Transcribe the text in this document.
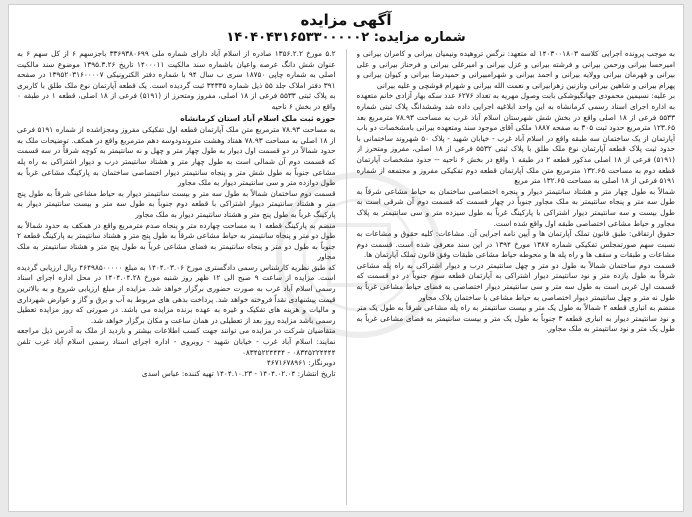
آگهی مزایده
شماره مزایده: ۱۴۰۴۰۴۳۱۶۵۳۳۰۰۰۰۰۲

به موجب پرونده اجرایی کلاسه ۱۴۰۳۰۰۱۸۰۳ له متعهد: نرگس تروهیده ونیمیان بیرانی و کامران بیرانی و امیرحسا بیرانی ورحمن بیرانی و فرشته بیرانی و غزل بیرانی و امیرعلی بیرانی و فرحناز بیرانی و علی بیرانی و قهرمان بیرانی وولایه بیرانی و احمد بیرانی و شهرامبیرانی و حمیدرضا بیرانی و کیوان بیرانی و پهرام بیرانی و شاهین بیرانی ونازنین زهرابیرانی و نعمت الله بیرانی و شهرام قوشچی و علیه بیرانی

بر علیه: نسیمین محمودی جهانگیوشکی بابت وصول مهریه به تعداد ۶۲۷۶ عدد سکه بهار آزادی خانم متعهده به اداره اجرای اسناد رسمی کرمانشاه به این واحد ابلاغیه اجرایی داده شد وششدانگ پلاک ثبتی شماره ۵۵۳۳ فرعی از ۱۸ اصلی واقع در بخش شش شهرستان اسلام آباد غرب به مساحت ۷۸.۹۳ مترمربع بعد ۱۲۳.۶۵ مترمربع حدود ثبت ۳۰۵ به صفحه ۱۸۸۷ ملکی آقای موجود سند ومتعهده بیرانی بامشخصات دو باب آپارتمان از یک ساختمان سه طبقه واقع در اسلام آباد غرب - خیابان شهید - پلاک ۵۰ شهروند ساختمانی با حدود ثبت پلاک قطعه آپارتمان نوع ملک طلق با پلاک ثبتی ۵۵۳۲ فرعی از ۱۸ اصلی، مفروز ومتحرز از (۵۱۹۱) فرعی از ۱۸ اصلی مذکور قطعه ۲ در طبقه ۱ واقع در بخش ۶ ناحیه -- حدود مشخصات آپارتمان قطعه دوم به مساحت ۱۳۲.۶۵ مترمربع متن ملک آپارتمان قطعه دوم تفکیکی مفروز و مجتمعه از شماره ۵۱۹۱ فرعی از ۱۸ اصلی به مساحت ۱۳۲.۶۵ متر مربع

شمالاً به طول چهار متر و هشتاد سانتیمتر دیوار و پنجره اختصاصی ساختمان به حیاط مشاعی شرقاً به طول سه متر و پنجاه سانتیمتر به ملک مجاور جنوباً در چهار قسمت که قسمت دوم آن شرقی است به طول بیست و سه سانتیمتر دیوار اشتراکی با پارکینگ غرباً به طول سیزده متر و سی سانتیمتر به پلاک مجاور و حیاط مشاعی اختصاصی طبقه اول واقع شده است.

حقوق ارتفاقی: طبق قانون تملک آپارتمان ها و آیین نامه اجرایی آن. مشاعات: کلیه حقوق و مشاعات به نسبت سهم صورتمجلس تفکیکی شماره ۱۳۸۷ مورخ ۱۳۹۴ در این سند معرفی شده است. قسمت دوم مشاعات و طبقات و سقف ها و راه پله ها و محوطه حیاط مشاعی طبقات وفق قانون تملک آپارتمان ها.

قسمت دوم ساختمان شمالاً به طول دو متر و چهل سانتیمتر درب و دیوار اشتراکی به راه پله مشاعی شرقاً به طول یازده متر و نود سانتیمتر دیوار اشتراکی به آپارتمان قطعه سوم جنوباً در دو قسمت که قسمت اول غربی است به طول سه متر و سی سانتیمتر دیوار اختصاصی به فضای حیاط مشاعی غرباً به طول نه متر و چهل سانتیمتر دیوار اختصاصی به حیاط مشاعی با ساختمان پلاک مجاور

منضم به انباری قطعه ۲ شمالاً به طول یک متر و بیست سانتیمتر به راه پله مشاعی شرقاً به طول یک متر و نود سانتیمتر دیوار به انباری قطعه ۳ جنوباً به طول یک متر و بیست سانتیمتر به فضای مشاعی غرباً به طول یک متر و نود سانتیمتر به ملک مجاور.

۵.۲ مورخ ۱۳۵۶.۲.۲ صادره از اسلام آباد دارای شماره ملی ۳۳۶۹۳۸۰۶۹۹ باجزسهم ۶ از کل سهم ۶ به عنوان شش دانگ عرصه واعیان باشماره سند مالکیت ۱۴۰۰۰۱۱ تاریخ ۱۳۹۵.۳.۲۶ موضوع سند مالکیت اصلی به شماره چاپی ۱۸۷۵۰ سری ب سال ۹۴ با شماره دفتر الکترونیکی ۱۳۹۵۲۰۳۱۶۰۰۰۰۷ در صفحه ۳۹۱ دفتر املاک جلد ۵۵ ذیل شماره ۳۴۳۳۵ ثبت گردیده است. یک قطعه آپارتمان نوع ملک طلق با کاربری به پلاک ثبتی ۵۵۳۳ فرعی از ۱۸ اصلی، مفروز ومتحرز از (۵۱۹۱) فرعی از ۱۸ اصلی، قطعه ۱ در طبقه ۰ واقع در بخش ۶ ناحیه

حوزه ثبت ملک اسلام آباد استان کرمانشاه

به مساحت ۷۸.۹۳ مترمربع متن ملک آپارتمان قطعه اول تفکیکی مفروز ومجزاشده از شماره ۵۱۹۱ فرعی از ۱۸ اصلی به مساحت ۷۸.۹۳ هفتاد وهشت متروندودوسه دهم مترمربع واقع در همکف. توضیحات ملک به حدود شمالاً در دو قسمت اول دیوار به طول چهار متر و چهل و نه سانتیمتر به کوچه شرقاً در سه قسمت که قسمت دوم آن شمالی است به طول چهار متر و هشتاد سانتیمتر درب و دیوار اشتراکی به راه پله مشاعی جنوباً به طول شش متر و پنجاه سانتیمتر دیوار اختصاصی ساختمان به پارکینگ مشاعی غرباً به طول دوازده متر و سی سانتیمتر دیوار به ملک مجاور

قسمت دوم ساختمان شمالاً به طول سه متر و بیست سانتیمتر دیوار به حیاط مشاعی شرقاً به طول پنج متر و هشتاد سانتیمتر دیوار اشتراکی با قطعه دوم جنوباً به طول سه متر و بیست سانتیمتر دیوار به پارکینگ غرباً به طول پنج متر و هشتاد سانتیمتر دیوار به ملک مجاور

منضم به پارکینگ قطعه ۱ به مساحت چهارده متر و پنجاه صدم مترمربع واقع در همکف به حدود شمالاً به طول دو متر و پنجاه سانتیمتر به حیاط مشاعی شرقاً به طول پنج متر و هشتاد سانتیمتر به پارکینگ قطعه ۲ جنوباً به طول دو متر و پنجاه سانتیمتر به فضای مشاعی غرباً به طول پنج متر و هشتاد سانتیمتر به ملک مجاور

که طبق نظریه کارشناس رسمی دادگستری مورخ ۱۴۰۴.۰۳.۰۶ به مبلغ ۴۶۴۹۸۵۰۰۰۰۰ ریال ارزیابی گردیده است. مزایده از ساعت ۹ صبح الی ۱۲ ظهر روز شنبه مورخ ۱۴۰۴.۰۴.۲۸ در محل اداره اجرای اسناد رسمی اسلام آباد غرب به صورت حضوری برگزار خواهد شد. مزایده از مبلغ ارزیابی شروع و به بالاترین قیمت پیشنهادی نقداً فروخته خواهد شد. پرداخت بدهی های مربوط به آب و برق و گاز و عوارض شهرداری و مالیات و هزینه های تفکیک و غیره به عهده برنده مزایده می باشد. در صورتی که روز مزایده تعطیل رسمی باشد مزایده روز بعد از تعطیلی در همان ساعت و مکان برگزار خواهد شد.

متقاضیان شرکت در مزایده می توانند جهت کسب اطلاعات بیشتر و بازدید از ملک به آدرس ذیل مراجعه نمایند: اسلام آباد غرب - خیابان شهید - روبروی - اداره اجرای اسناد رسمی اسلام آباد غرب تلفن ۰۸۳۴۵۲۲۴۴۴۴ - ۰۸۳۴۵۲۲۴۴۴۴

دوبرنگار: ۴۶۷۱۶۷۸۹۶۱

تاریخ انتشار: ۱۴۰۴.۰۲.۰۴ - ۱۴۰۴.۱۰.۲۳ تهیه کننده: عباس اسدی
